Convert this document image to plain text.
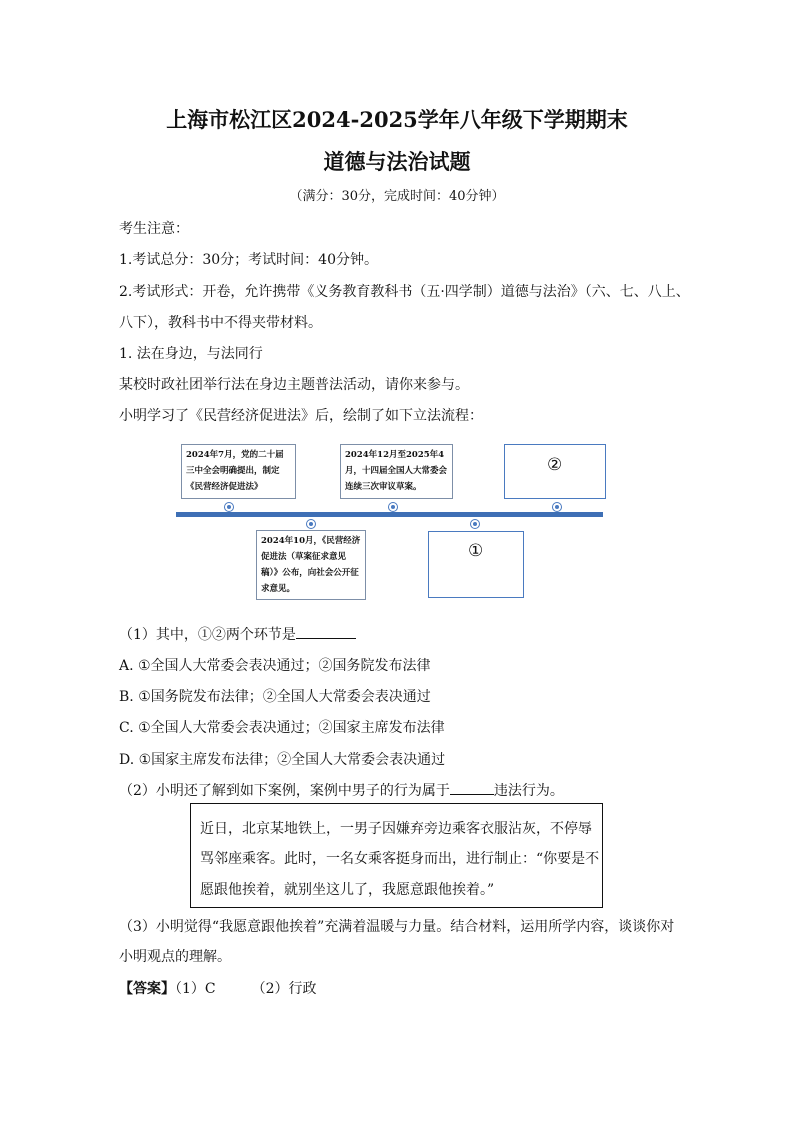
上海市松江区2024-2025学年八年级下学期期末
道德与法治试题
（满分：30分，完成时间：40分钟）
考生注意：
1.考试总分：30分；考试时间：40分钟。
2.考试形式：开卷，允许携带《义务教育教科书（五·四学制）道德与法治》（六、七、八上、
八下），教科书中不得夹带材料。
1. 法在身边，与法同行
某校时政社团举行法在身边主题普法活动，请你来参与。
小明学习了《民营经济促进法》后，绘制了如下立法流程：
2024年7月，党的二十届三中全会明确提出，制定《民营经济促进法》
2024年12月至2025年4月，十四届全国人大常委会连续三次审议草案。
②
2024年10月，《民营经济促进法（草案征求意见稿）》公布，向社会公开征求意见。
①
（1）其中，①②两个环节是
A. ①全国人大常委会表决通过；②国务院发布法律
B. ①国务院发布法律；②全国人大常委会表决通过
C. ①全国人大常委会表决通过；②国家主席发布法律
D. ①国家主席发布法律；②全国人大常委会表决通过
（2）小明还了解到如下案例，案例中男子的行为属于	违法行为。
近日，北京某地铁上，一男子因嫌弃旁边乘客衣服沾灰，不停辱
骂邻座乘客。此时，一名女乘客挺身而出，进行制止：“你要是不
愿跟他挨着，就别坐这儿了，我愿意跟他挨着。”
（3）小明觉得“我愿意跟他挨着”充满着温暖与力量。结合材料，运用所学内容，谈谈你对
小明观点的理解。
【答案】（1）C	（2）行政
